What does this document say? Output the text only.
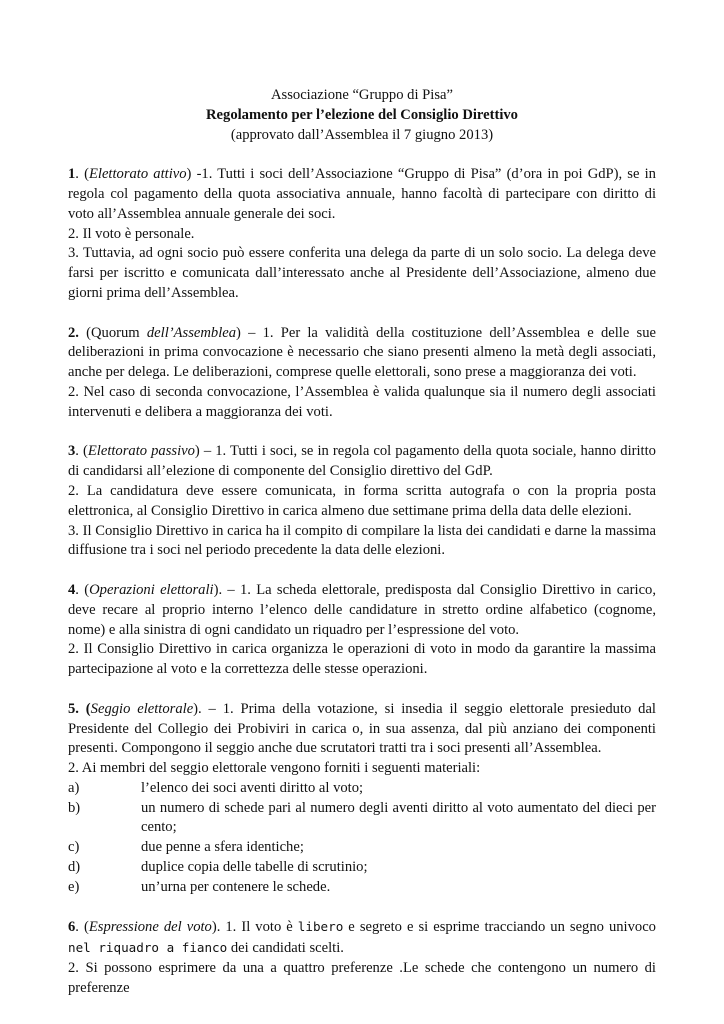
Associazione “Gruppo di Pisa”
Regolamento per l’elezione del Consiglio Direttivo
(approvato dall’Assemblea il 7 giugno 2013)

1. (Elettorato attivo) -1. Tutti i soci dell’Associazione “Gruppo di Pisa” (d’ora in poi GdP), se in regola col pagamento della quota associativa annuale, hanno facoltà di partecipare con diritto di voto all’Assemblea annuale generale dei soci.

2. Il voto è personale.

3. Tuttavia, ad ogni socio può essere conferita una delega da parte di un solo socio. La delega deve farsi per iscritto e comunicata dall’interessato anche al Presidente dell’Associazione, almeno due giorni prima dell’Assemblea.

2. (Quorum dell’Assemblea) – 1. Per la validità della costituzione dell’Assemblea e delle sue deliberazioni in prima convocazione è necessario che siano presenti almeno la metà degli associati, anche per delega. Le deliberazioni, comprese quelle elettorali, sono prese a maggioranza dei voti.

2. Nel caso di seconda convocazione, l’Assemblea è valida qualunque sia il numero degli associati intervenuti e delibera a maggioranza dei voti.

3. (Elettorato passivo) – 1. Tutti i soci, se in regola col pagamento della quota sociale, hanno diritto di candidarsi all’elezione di componente del Consiglio direttivo del GdP.

2. La candidatura deve essere comunicata, in forma scritta autografa o con la propria posta elettronica, al Consiglio Direttivo in carica almeno due settimane prima della data delle elezioni.

3. Il Consiglio Direttivo in carica ha il compito di compilare la lista dei candidati e darne la massima diffusione tra i soci nel periodo precedente la data delle elezioni.

4. (Operazioni elettorali). – 1. La scheda elettorale, predisposta dal Consiglio Direttivo in carico, deve recare al proprio interno l’elenco delle candidature in stretto ordine alfabetico (cognome, nome) e alla sinistra di ogni candidato un riquadro per l’espressione del voto.

2. Il Consiglio Direttivo in carica organizza le operazioni di voto in modo da garantire la massima partecipazione al voto e la correttezza delle stesse operazioni.

5. (Seggio elettorale). – 1. Prima della votazione, si insedia il seggio elettorale presieduto dal Presidente del Collegio dei Probiviri in carica o, in sua assenza, dal più anziano dei componenti presenti. Compongono il seggio anche due scrutatori tratti tra i soci presenti all’Assemblea.

2. Ai membri del seggio elettorale vengono forniti i seguenti materiali:

a)	l’elenco dei soci aventi diritto al voto;
b)	un numero di schede pari al numero degli aventi diritto al voto aumentato del dieci per cento;
c)	due penne a sfera identiche;
d)	duplice copia delle tabelle di scrutinio;
e)	un’urna per contenere le schede.

6. (Espressione del voto). 1. Il voto è libero e segreto e si esprime tracciando un segno univoco nel riquadro a fianco dei candidati scelti.

2. Si possono esprimere da una a quattro preferenze .Le schede che contengono un numero di preferenze
